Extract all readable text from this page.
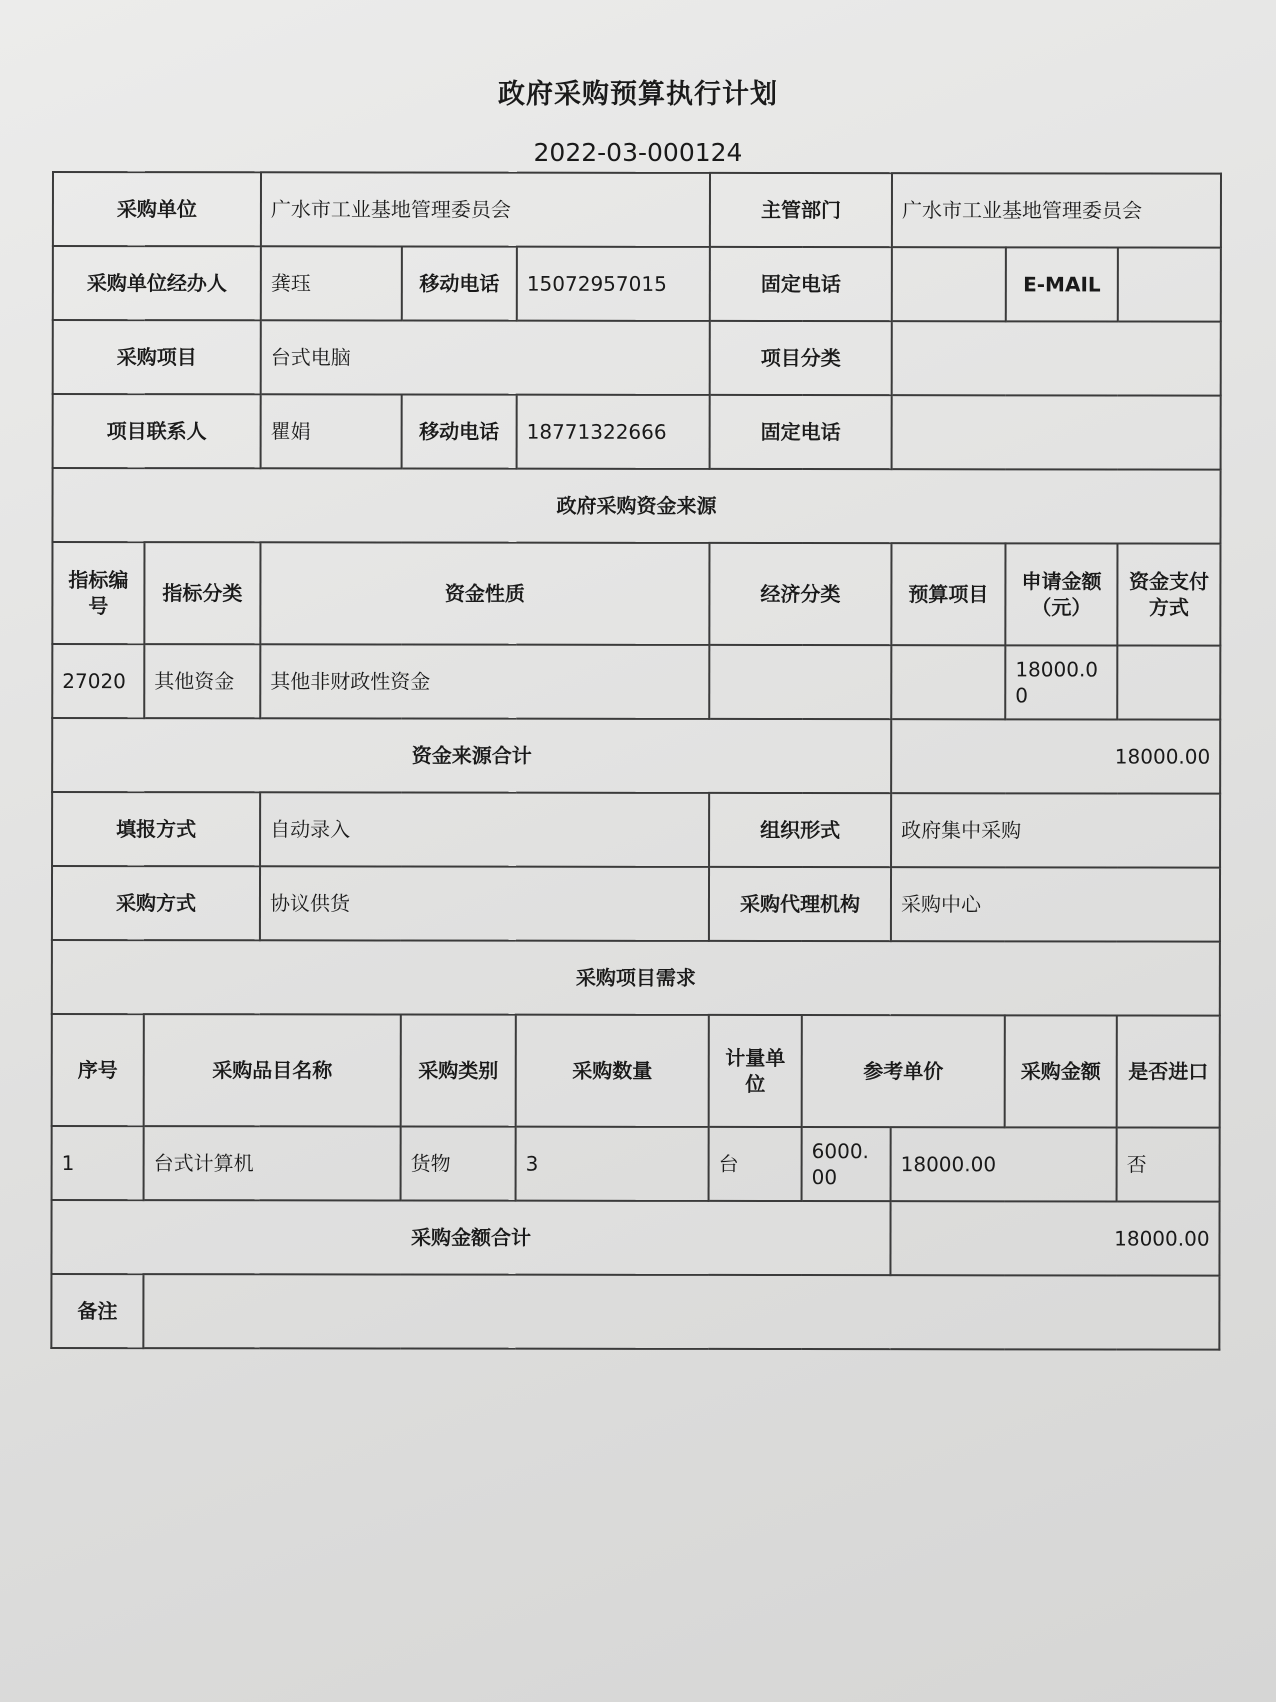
政府采购预算执行计划
2022-03-000124
采购单位		广水市工业基地管理委员会			主管部门		广水市工业基地管理委员会		
采购单位经办人		龚珏	移动电话	15072957015	固定电话			E-MAIL	
采购项目		台式电脑			项目分类				
项目联系人		瞿娟	移动电话	18771322666	固定电话				
政府采购资金来源									
指标编号	指标分类	资金性质			经济分类		预算项目	申请金额（元）	资金支付方式
27020	其他资金	其他非财政性资金						18000.00	
资金来源合计							18000.00		
填报方式		自动录入			组织形式		政府集中采购		
采购方式		协议供货			采购代理机构		采购中心		
采购项目需求									
序号	采购品目名称		采购类别	采购数量	计量单位	参考单价		采购金额	是否进口
1	台式计算机		货物	3	台	6000.00	18000.00		否
采购金额合计							18000.00		
备注									
